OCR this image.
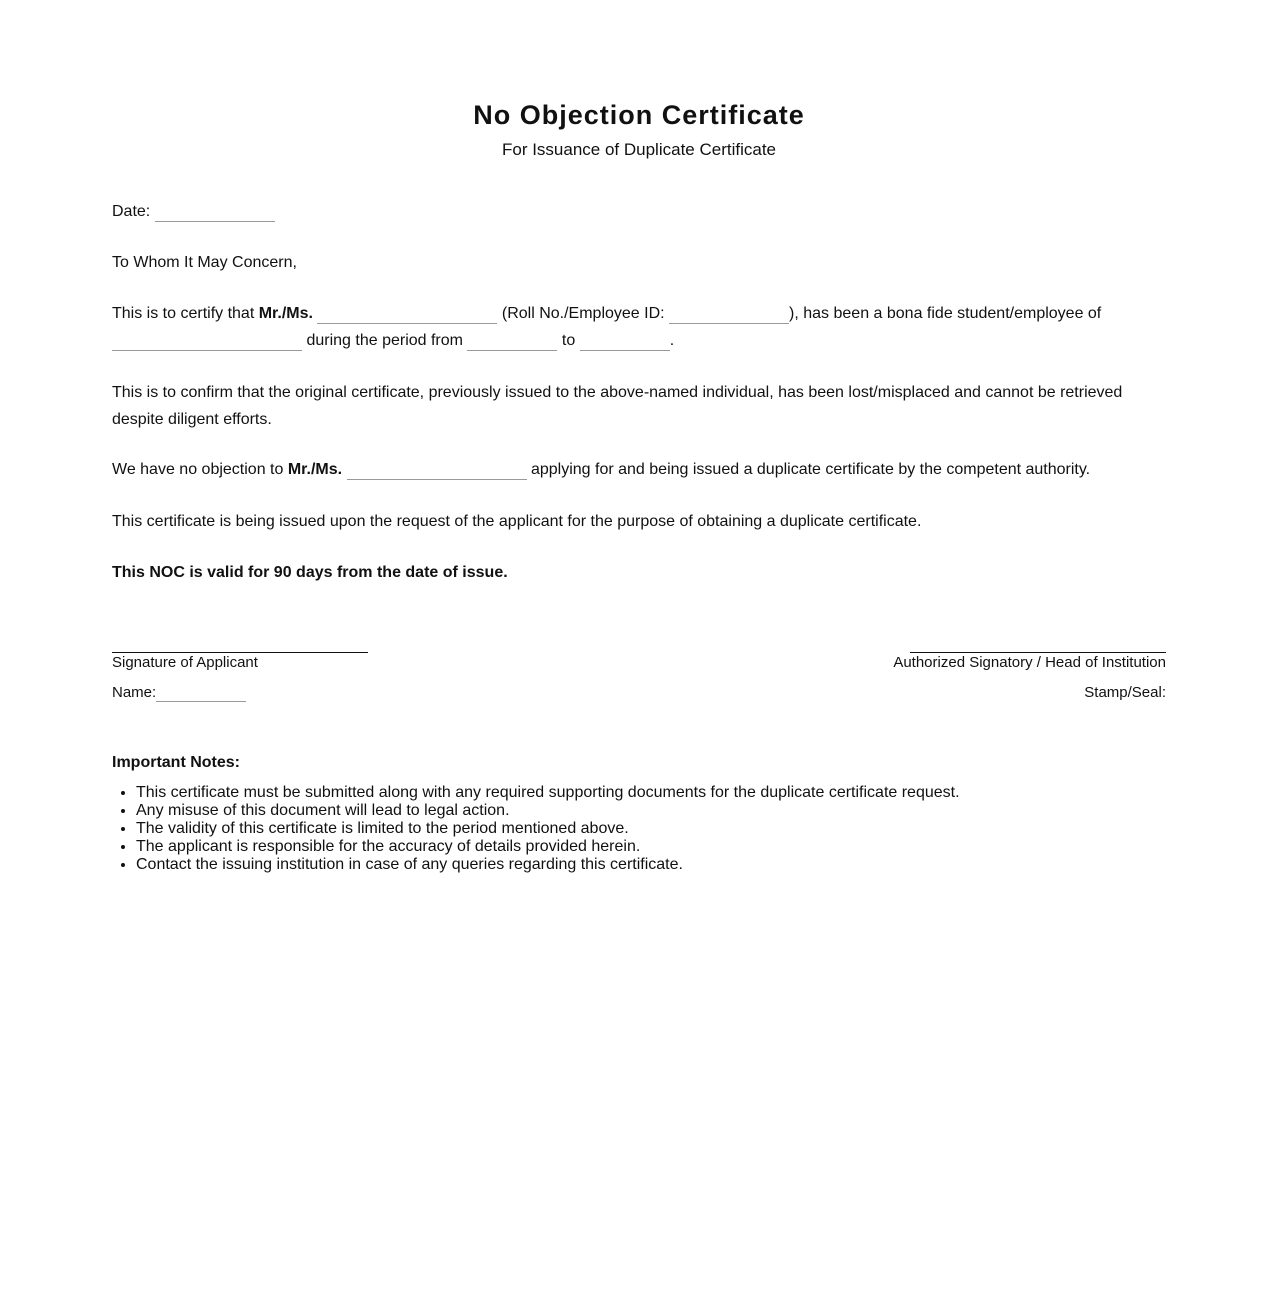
No Objection Certificate
For Issuance of Duplicate Certificate

Date:

To Whom It May Concern,

This is to certify that Mr./Ms.	(Roll No./Employee ID:	), has been a bona fide student/employee of
during the period from	to	.

This is to confirm that the original certificate, previously issued to the above-named individual, has been lost/misplaced and cannot be retrieved despite diligent efforts.

We have no objection to Mr./Ms.	applying for and being issued a duplicate certificate by the competent authority.

This certificate is being issued upon the request of the applicant for the purpose of obtaining a duplicate certificate.

This NOC is valid for 90 days from the date of issue.

Signature of Applicant
Name:
Authorized Signatory / Head of Institution
Stamp/Seal:
Important Notes:
• This certificate must be submitted along with any required supporting documents for the duplicate certificate request.
• Any misuse of this document will lead to legal action.
• The validity of this certificate is limited to the period mentioned above.
• The applicant is responsible for the accuracy of details provided herein.
• Contact the issuing institution in case of any queries regarding this certificate.
